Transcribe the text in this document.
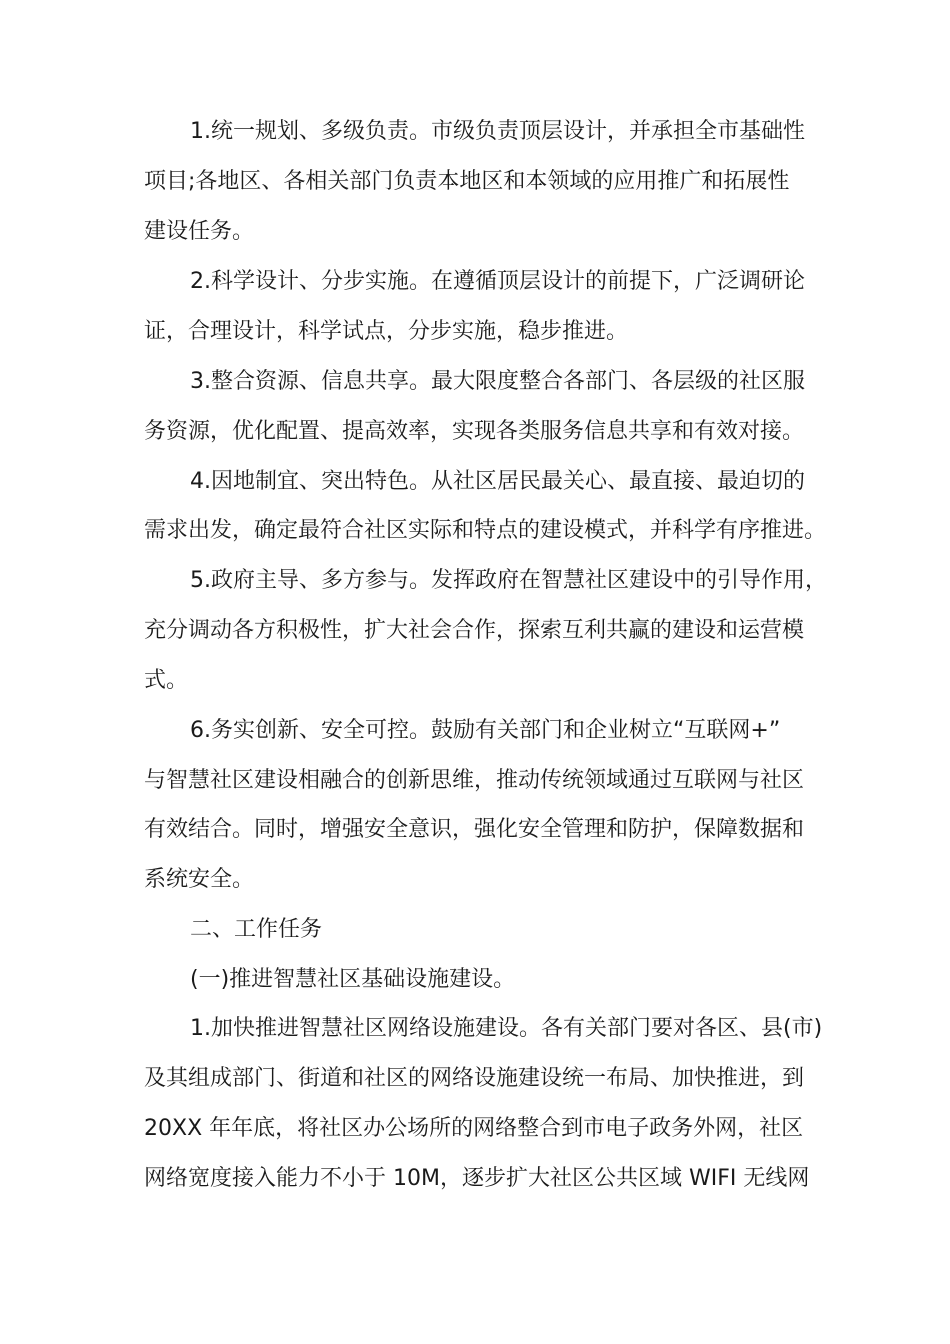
1.统一规划、多级负责。市级负责顶层设计，并承担全市基础性
项目;各地区、各相关部门负责本地区和本领域的应用推广和拓展性
建设任务。
2.科学设计、分步实施。在遵循顶层设计的前提下，广泛调研论
证，合理设计，科学试点，分步实施，稳步推进。
3.整合资源、信息共享。最大限度整合各部门、各层级的社区服
务资源，优化配置、提高效率，实现各类服务信息共享和有效对接。
4.因地制宜、突出特色。从社区居民最关心、最直接、最迫切的
需求出发，确定最符合社区实际和特点的建设模式，并科学有序推进。
5.政府主导、多方参与。发挥政府在智慧社区建设中的引导作用，
充分调动各方积极性，扩大社会合作，探索互利共赢的建设和运营模
式。
6.务实创新、安全可控。鼓励有关部门和企业树立“互联网+”
与智慧社区建设相融合的创新思维，推动传统领域通过互联网与社区
有效结合。同时，增强安全意识，强化安全管理和防护，保障数据和
系统安全。
二、工作任务
(一)推进智慧社区基础设施建设。
1.加快推进智慧社区网络设施建设。各有关部门要对各区、县(市)
及其组成部门、街道和社区的网络设施建设统一布局、加快推进，到
20XX 年年底，将社区办公场所的网络整合到市电子政务外网，社区
网络宽度接入能力不小于 10M，逐步扩大社区公共区域 WIFI 无线网
